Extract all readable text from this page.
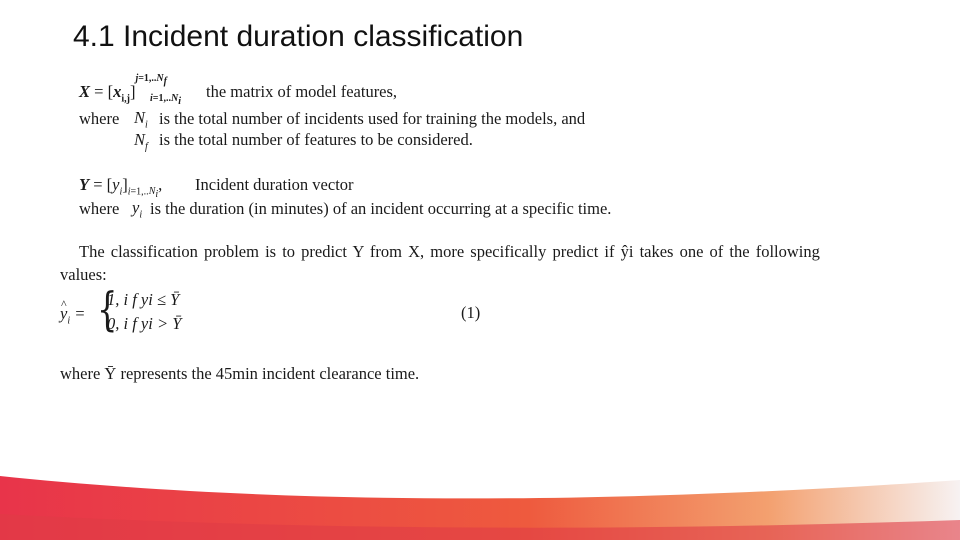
4.1 Incident duration classification
$X = [x_{i,j}]^{j=1,..N_f}$
$i=1,..N_i$
the matrix of model features,
where $N_i$ is the total number of incidents used for training the models, and
$N_f$ is the total number of features to be considered.
$Y = [y_i]_{i=1,..N_i}$, Incident duration vector
where $y_i$ is the duration (in minutes) of an incident occurring at a specific time.
The classification problem is to predict Y from X, more specifically predict if ŷi takes one of the following
values:
^ $y_i$ = {
1, i f yi ≤ Ȳ
0, i f yi > Ȳ
(1)
where Ȳ represents the 45min incident clearance time.
